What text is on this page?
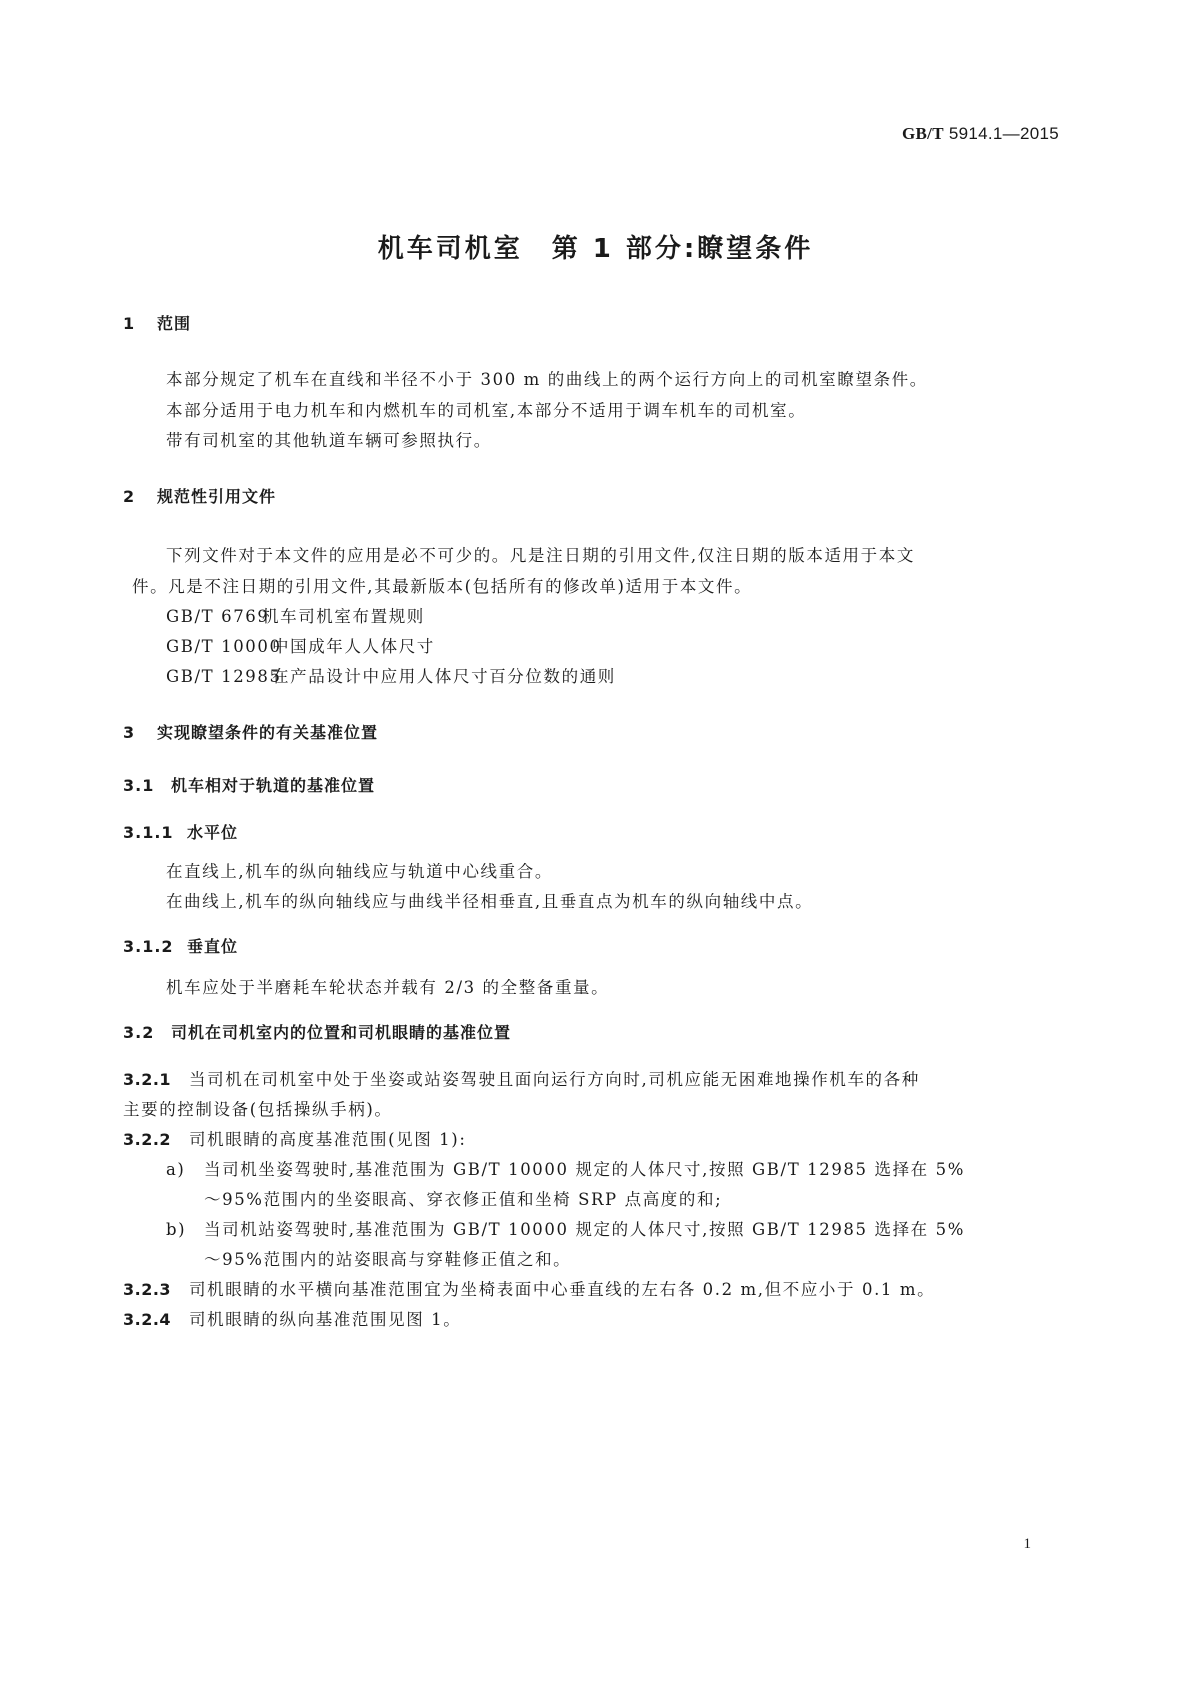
GB/T 5914.1—2015
机车司机室　第 1 部分:瞭望条件
1 范围
本部分规定了机车在直线和半径不小于 300 m 的曲线上的两个运行方向上的司机室瞭望条件。
本部分适用于电力机车和内燃机车的司机室,本部分不适用于调车机车的司机室。
带有司机室的其他轨道车辆可参照执行。
2 规范性引用文件
下列文件对于本文件的应用是必不可少的。凡是注日期的引用文件,仅注日期的版本适用于本文
件。凡是不注日期的引用文件,其最新版本(包括所有的修改单)适用于本文件。
GB/T 6769机车司机室布置规则
GB/T 10000中国成年人人体尺寸
GB/T 12985在产品设计中应用人体尺寸百分位数的通则
3 实现瞭望条件的有关基准位置
3.1 机车相对于轨道的基准位置
3.1.1 水平位
在直线上,机车的纵向轴线应与轨道中心线重合。
在曲线上,机车的纵向轴线应与曲线半径相垂直,且垂直点为机车的纵向轴线中点。
3.1.2 垂直位
机车应处于半磨耗车轮状态并载有 2/3 的全整备重量。
3.2 司机在司机室内的位置和司机眼睛的基准位置
3.2.1 当司机在司机室中处于坐姿或站姿驾驶且面向运行方向时,司机应能无困难地操作机车的各种
主要的控制设备(包括操纵手柄)。
3.2.2 司机眼睛的高度基准范围(见图 1):
a) 当司机坐姿驾驶时,基准范围为 GB/T 10000 规定的人体尺寸,按照 GB/T 12985 选择在 5%
～95%范围内的坐姿眼高、穿衣修正值和坐椅 SRP 点高度的和;
b) 当司机站姿驾驶时,基准范围为 GB/T 10000 规定的人体尺寸,按照 GB/T 12985 选择在 5%
～95%范围内的站姿眼高与穿鞋修正值之和。
3.2.3 司机眼睛的水平横向基准范围宜为坐椅表面中心垂直线的左右各 0.2 m,但不应小于 0.1 m。
3.2.4 司机眼睛的纵向基准范围见图 1。
1
